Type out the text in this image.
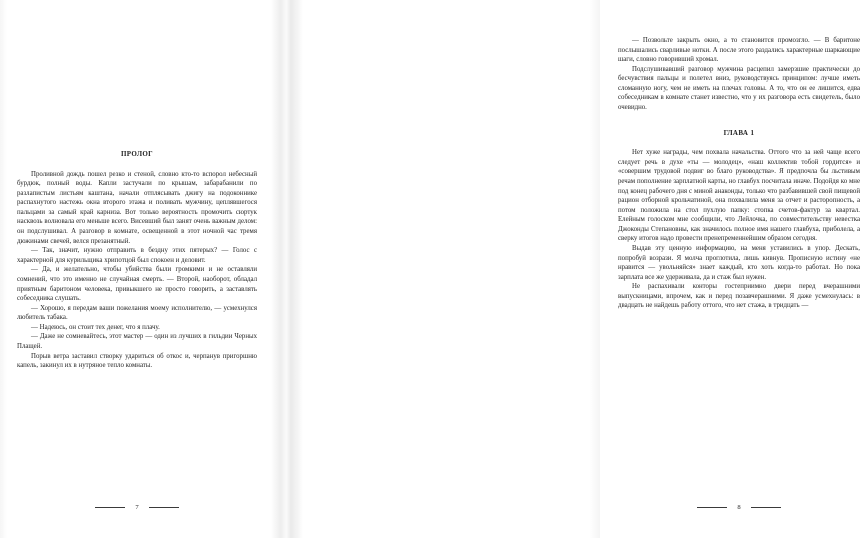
ПРОЛОГ

Проливной дождь пошел резко и стеной, словно кто-то вспорол небесный бурдюк, полный воды. Капли застучали по крышам, забарабанили по разлапистым листьям каштана, начали отплясывать джигу на подоконнике распахнутого настежь окна второго этажа и поливать мужчину, цеплявшегося пальцами за самый край карниза. Вот только вероятность промочить сюртук насквозь волновала его меньше всего. Висевший был занят очень важным делом: он подслушивал. А разговор в комнате, освещенной в этот ночной час тремя дюжинами свечей, велся презанятный.

— Так, значит, нужно отправить в бездну этих пятерых? — Голос с характерной для курильщика хрипотцой был спокоен и деловит.

— Да, и желательно, чтобы убийства были громкими и не оставляли сомнений, что это именно не случайная смерть. — Второй, наоборот, обладал приятным баритоном человека, привыкшего не просто говорить, а заставлять собеседника слушать.

— Хорошо, я передам ваши пожелания моему исполнителю, — усмехнулся любитель табака.

— Надеюсь, он стоит тех денег, что я плачу.

— Даже не сомневайтесь, этот мастер — один из лучших в гильдии Черных Плащей.

Порыв ветра заставил створку удариться об откос и, черпанув пригоршню капель, закинул их в нутряное тепло комнаты.

7

— Позвольте закрыть окно, а то становится промозгло. — В баритоне послышались сварливые нотки. А после этого раздались характерные шаркающие шаги, словно говоривший хромал.

Подслушивавший разговор мужчина расцепил замерзшие практически до бесчувствия пальцы и полетел вниз, руководствуясь принципом: лучше иметь сломанную ногу, чем не иметь на плечах головы. А то, что он ее лишится, едва собеседникам в комнате станет известно, что у их разговора есть свидетель, было очевидно.

ГЛАВА 1

Нет хуже награды, чем похвала начальства. Оттого что за ней чаще всего следует речь в духе «ты — молодец», «наш коллектив тобой гордится» и «совершим трудовой подвиг во благо руководства». Я предпочла бы льстивым речам пополнение зарплатной карты, но главбух посчитала иначе. Подойдя ко мне под конец рабочего дня с миной анаконды, только что разбавившей свой пищевой рацион отборной крольчатиной, она похвалила меня за отчет и расторопность, а потом положила на стол пухлую папку: стопка счетов-фактур за квартал. Елейным голоском мне сообщили, что Лейлочка, по совместительству невестка Джоконды Степановны, как значилось полное имя нашего главбуха, приболела, а сверку итогов надо провести пренепременнейшим образом сегодня.

Выдав эту ценную информацию, на меня уставились в упор. Дескать, попробуй возрази. Я молча проглотила, лишь кивнув. Прописную истину «не нравится — увольняйся» знает каждый, кто хоть когда-то работал. Но пока зарплата все же удерживала, да и стаж был нужен.

Не распахивали конторы гостеприимно двери перед вчерашними выпускницами, впрочем, как и перед позавчерашними. Я даже усмехнулась: в двадцать не найдешь работу оттого, что нет стажа, в тридцать —

8
